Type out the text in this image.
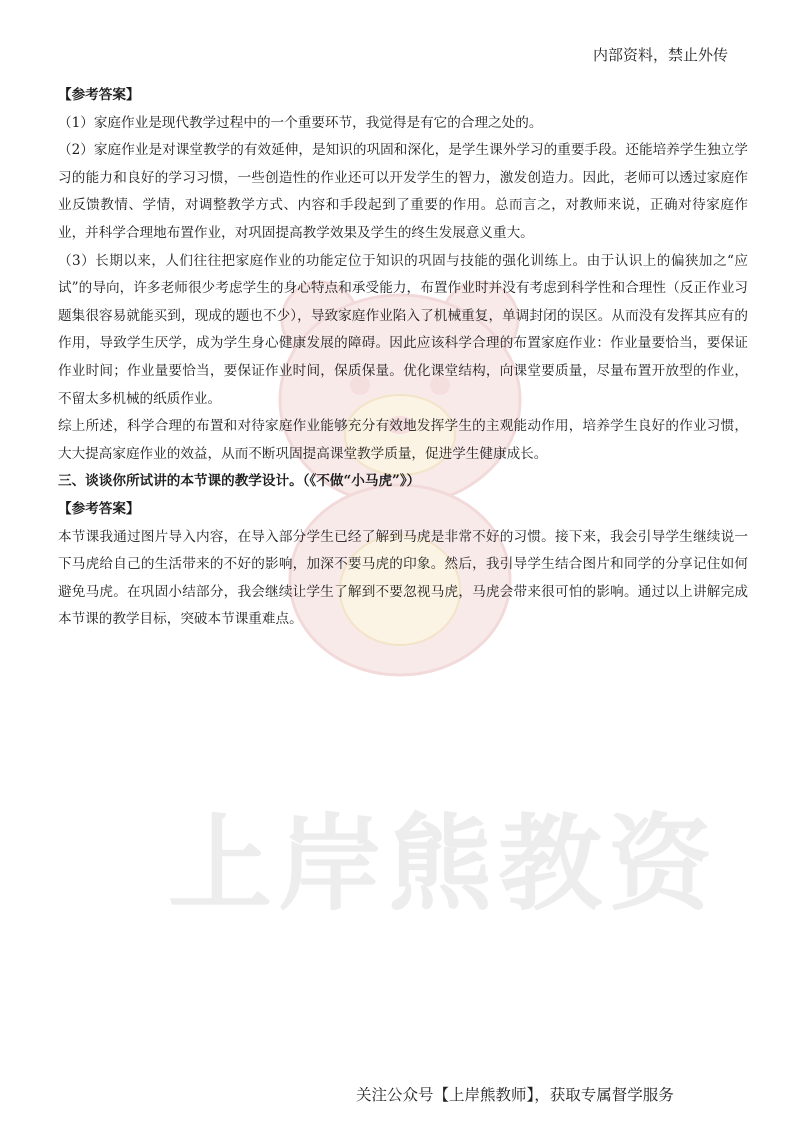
内部资料，禁止外传
上岸熊教资

【参考答案】

（1）家庭作业是现代教学过程中的一个重要环节，我觉得是有它的合理之处的。

（2）家庭作业是对课堂教学的有效延伸，是知识的巩固和深化，是学生课外学习的重要手段。还能培养学生独立学习的能力和良好的学习习惯，一些创造性的作业还可以开发学生的智力，激发创造力。因此，老师可以透过家庭作业反馈教情、学情，对调整教学方式、内容和手段起到了重要的作用。总而言之，对教师来说，正确对待家庭作业，并科学合理地布置作业，对巩固提高教学效果及学生的终生发展意义重大。

（3）长期以来，人们往往把家庭作业的功能定位于知识的巩固与技能的强化训练上。由于认识上的偏狭加之“应试”的导向，许多老师很少考虑学生的身心特点和承受能力，布置作业时并没有考虑到科学性和合理性（反正作业习题集很容易就能买到，现成的题也不少），导致家庭作业陷入了机械重复，单调封闭的误区。从而没有发挥其应有的作用，导致学生厌学，成为学生身心健康发展的障碍。因此应该科学合理的布置家庭作业：作业量要恰当，要保证作业时间；作业量要恰当，要保证作业时间，保质保量。优化课堂结构，向课堂要质量，尽量布置开放型的作业，不留太多机械的纸质作业。

综上所述，科学合理的布置和对待家庭作业能够充分有效地发挥学生的主观能动作用，培养学生良好的作业习惯，大大提高家庭作业的效益，从而不断巩固提高课堂教学质量，促进学生健康成长。

三、谈谈你所试讲的本节课的教学设计。（《不做“小马虎”》）

【参考答案】

本节课我通过图片导入内容，在导入部分学生已经了解到马虎是非常不好的习惯。接下来，我会引导学生继续说一下马虎给自己的生活带来的不好的影响，加深不要马虎的印象。然后，我引导学生结合图片和同学的分享记住如何避免马虎。在巩固小结部分，我会继续让学生了解到不要忽视马虎，马虎会带来很可怕的影响。通过以上讲解完成本节课的教学目标，突破本节课重难点。

关注公众号【上岸熊教师】，获取专属督学服务
